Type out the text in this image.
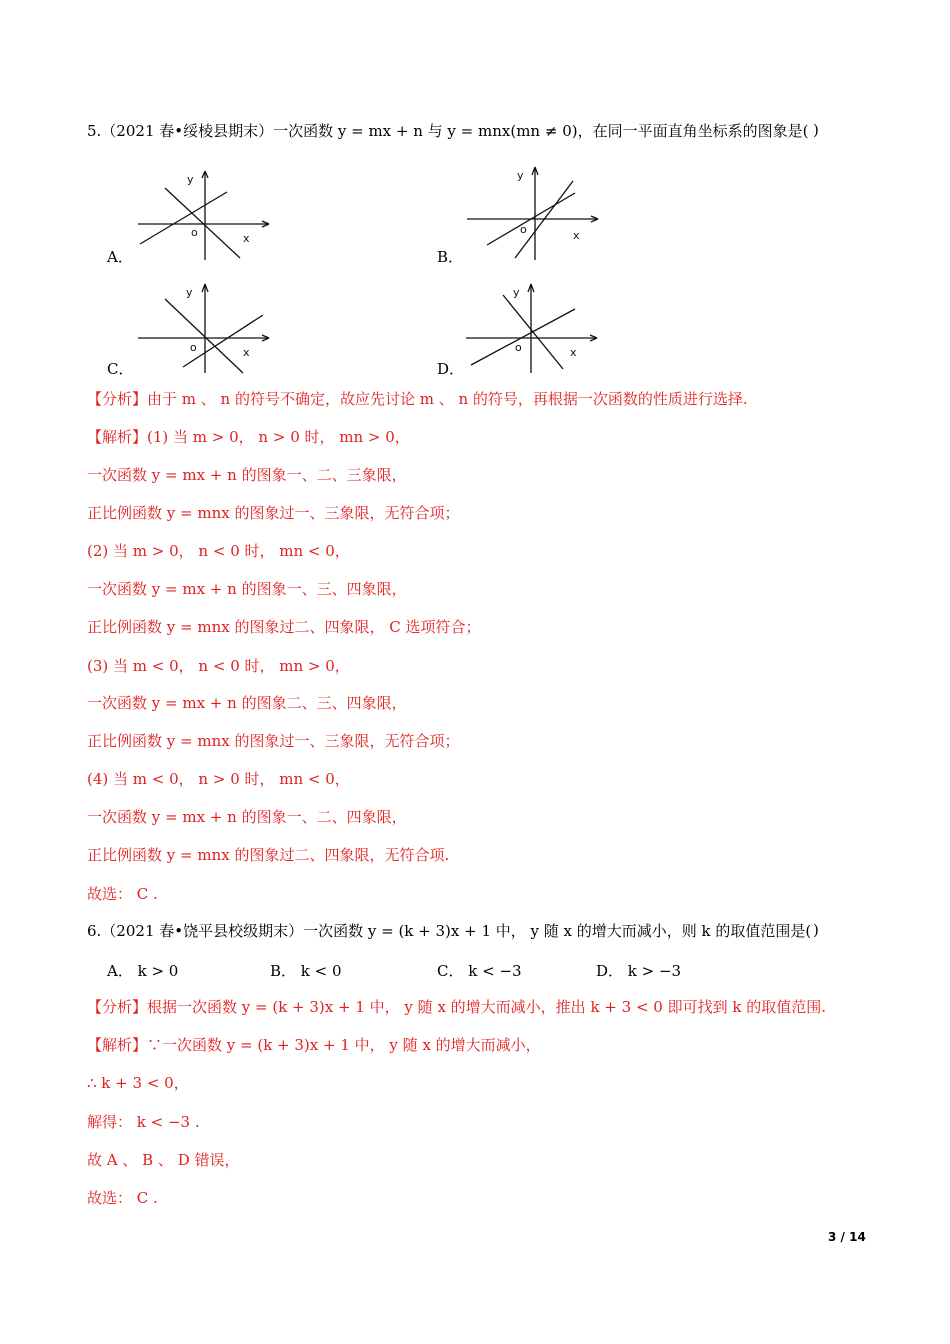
5.（2021 春•绥棱县期末）一次函数 y = mx + n 与 y = mnx(mn ≠ 0)，在同一平面直角坐标系的图象是( )
y
x
o
A．
y
x
o
B．
y
x
o
C．
y
x
o
D．
【分析】由于 m 、 n 的符号不确定，故应先讨论 m 、 n 的符号，再根据一次函数的性质进行选择.
【解析】(1) 当 m > 0， n > 0 时， mn > 0，
一次函数 y = mx + n 的图象一、二、三象限，
正比例函数 y = mnx 的图象过一、三象限，无符合项；
(2) 当 m > 0， n < 0 时， mn < 0，
一次函数 y = mx + n 的图象一、三、四象限，
正比例函数 y = mnx 的图象过二、四象限， C 选项符合；
(3) 当 m < 0， n < 0 时， mn > 0，
一次函数 y = mx + n 的图象二、三、四象限，
正比例函数 y = mnx 的图象过一、三象限，无符合项；
(4) 当 m < 0， n > 0 时， mn < 0，
一次函数 y = mx + n 的图象一、二、四象限，
正比例函数 y = mnx 的图象过二、四象限，无符合项.
故选： C .
6.（2021 春•饶平县校级期末）一次函数 y = (k + 3)x + 1 中， y 随 x 的增大而减小，则 k 的取值范围是( )
A． k > 0	B． k < 0	C． k < −3	D． k > −3
【分析】根据一次函数 y = (k + 3)x + 1 中， y 随 x 的增大而减小，推出 k + 3 < 0 即可找到 k 的取值范围.
【解析】∵一次函数 y = (k + 3)x + 1 中， y 随 x 的增大而减小，
∴ k + 3 < 0，
解得： k < −3 .
故 A 、 B 、 D 错误，
故选： C .
3 / 14
